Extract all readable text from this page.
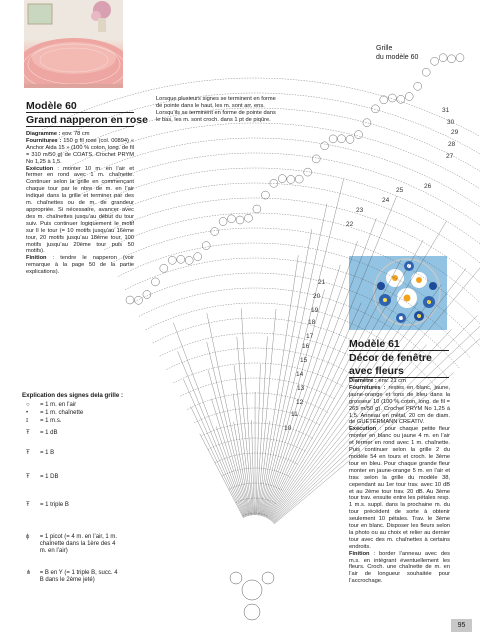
31
30
29
28
27
26
25
24
23
22
21
20
19
18
17
16
15
14
13
12
11
10
Modèle 60
Grand napperon en rose
Diagramme : env. 78 cm
Fournitures : 150 g fil rose (col. 00894) « Anchor Aida 15 » (100 % coton, long. de fil = 310 m/50 g) de COATS. Crochet PRYM No 1,25 à 1,5.
Exécution : monter 10 m. en l’air et fermer en rond avec 1 m. chaînette. Continuer selon la grille en commençant chaque tour par le nbre de m. en l’air indiqué dans la grille et terminer par des m. chaînettes ou de m. de grandeur appropriée. Si nécessaire, avancer avec des m. chaînettes jusqu’au début du tour suiv. Puis continuer logiquement le motif sur ll le tour (= 10 motifs jusqu’au 16ème tour, 20 motifs jusqu’au 18ème tour, 100 motifs jusqu’au 20ème tour puis 50 motifs).
Finition : tendre le napperon (voir remarque à la page 50 de la partie explications).
Lorsque plusieurs signes se terminent en forme de pointe dans le haut, les m. sont arr. ens. Lorsqu’ils se terminent en forme de pointe dans le bas, les m. sont croch. dans 1 pt de piqûre.
Grille
du modèle 60
Explication des signes dela grille :
○ = 1 m. en l’air
• = 1 m. chaînette
ɪ = 1 m.s.
Ŧ = 1 dB
Ŧ = 1 B
Ŧ = 1 DB
Ŧ = 1 triple B
ϕ	= 1 picot (= 4 m. en l’air, 1 m. chaînette dans la 1ère des 4 m. en l’air)
⋔	= B en Y (= 1 triple B, succ. 4 B dans le 2ème jeté)
Modèle 61
Décor de fenêtre avec fleurs
Diamètre : env. 21 cm
Fournitures : restes en blanc, jaune, jaune-orange et tons de bleu dans la grosseur 10 (100 % coton, long. de fil = 265 m/50 g). Crochet PRYM No 1,25 à 1,5. Anneau en métal, 20 cm de diam. de GUETERMANN CREATIV.
Exécution : pour chaque petite fleur monter en blanc ou jaune 4 m. en l’air et fermer en rond avec 1 m. chaînette. Puis continuer selon la grille 2 du modèle 54 en tours et croch. le 3ème tour en bleu. Pour chaque grande fleur monter en jaune-orange 5 m. en l’air et trav. selon la grille du modèle 38, cependant au 1er tour trav. avec 10 dB et au 2ème tour trav. 20 dB. Au 3ème tour trav. ensuite entre les pétales resp. 1 m.s. suppl. dans la prochaine m. du tour précédent de sorte à obtenir seulement 10 pétales. Trav. le 3ème tour en blanc. Disposer les fleurs selon la photo ou au choix et relier au dernier tour avec des m. chaînettes à certains endroits.
Finition : border l’anneau avec des m.s. en intégrant éventuellement les fleurs. Croch. une chaînette de m. en l’air de longueur souhaitée pour l’accrochage.
95
